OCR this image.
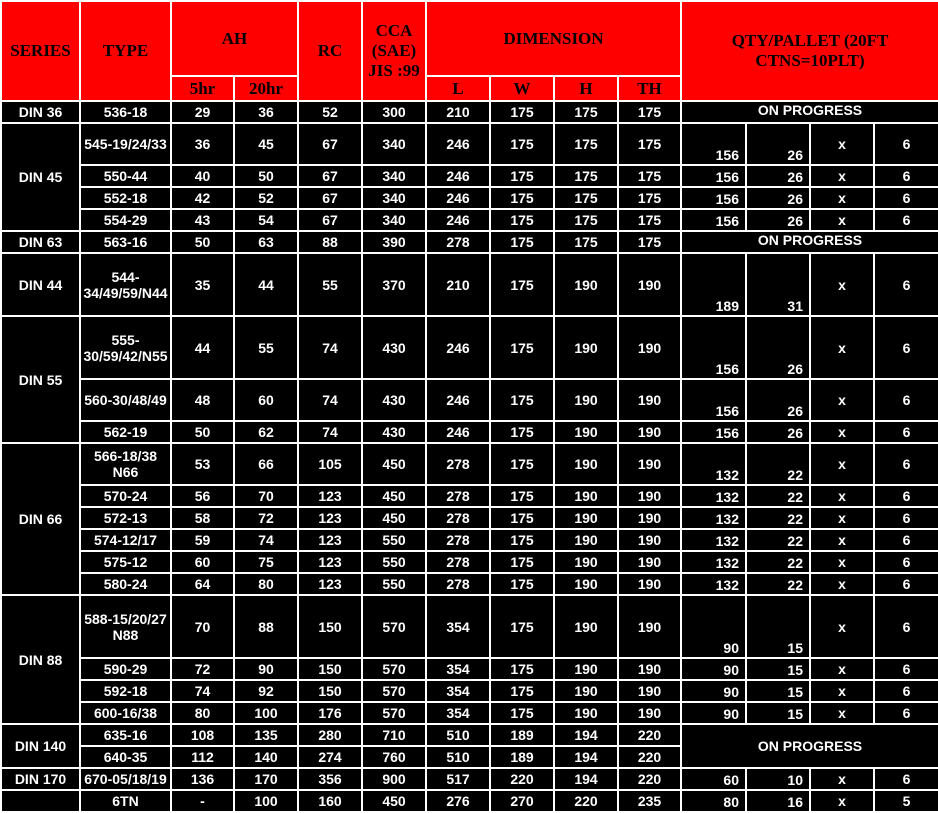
SERIES	TYPE	AH		RC	CCA (SAE) JIS :99	DIMENSION				QTY/PALLET (20FT CTNS=10PLT)			
		5hr	20hr			L	W	H	TH				
DIN 36	536-18	29	36	52	300	210	175	175	175	ON PROGRESS			
DIN 45	545-19/24/33	36	45	67	340	246	175	175	175	156	26	x	6
	550-44	40	50	67	340	246	175	175	175	156	26	x	6
	552-18	42	52	67	340	246	175	175	175	156	26	x	6
	554-29	43	54	67	340	246	175	175	175	156	26	x	6
DIN 63	563-16	50	63	88	390	278	175	175	175	ON PROGRESS			
DIN 44	544-34/49/59/N44	35	44	55	370	210	175	190	190	189	31	x	6
DIN 55	555-30/59/42/N55	44	55	74	430	246	175	190	190	156	26	x	6
	560-30/48/49	48	60	74	430	246	175	190	190	156	26	x	6
	562-19	50	62	74	430	246	175	190	190	156	26	x	6
DIN 66	566-18/38 N66	53	66	105	450	278	175	190	190	132	22	x	6
	570-24	56	70	123	450	278	175	190	190	132	22	x	6
	572-13	58	72	123	450	278	175	190	190	132	22	x	6
	574-12/17	59	74	123	550	278	175	190	190	132	22	x	6
	575-12	60	75	123	550	278	175	190	190	132	22	x	6
	580-24	64	80	123	550	278	175	190	190	132	22	x	6
DIN 88	588-15/20/27 N88	70	88	150	570	354	175	190	190	90	15	x	6
	590-29	72	90	150	570	354	175	190	190	90	15	x	6
	592-18	74	92	150	570	354	175	190	190	90	15	x	6
	600-16/38	80	100	176	570	354	175	190	190	90	15	x	6
DIN 140	635-16	108	135	280	710	510	189	194	220	ON PROGRESS			
	640-35	112	140	274	760	510	189	194	220				
DIN 170	670-05/18/19	136	170	356	900	517	220	194	220	60	10	x	6
	6TN	-	100	160	450	276	270	220	235	80	16	x	5
